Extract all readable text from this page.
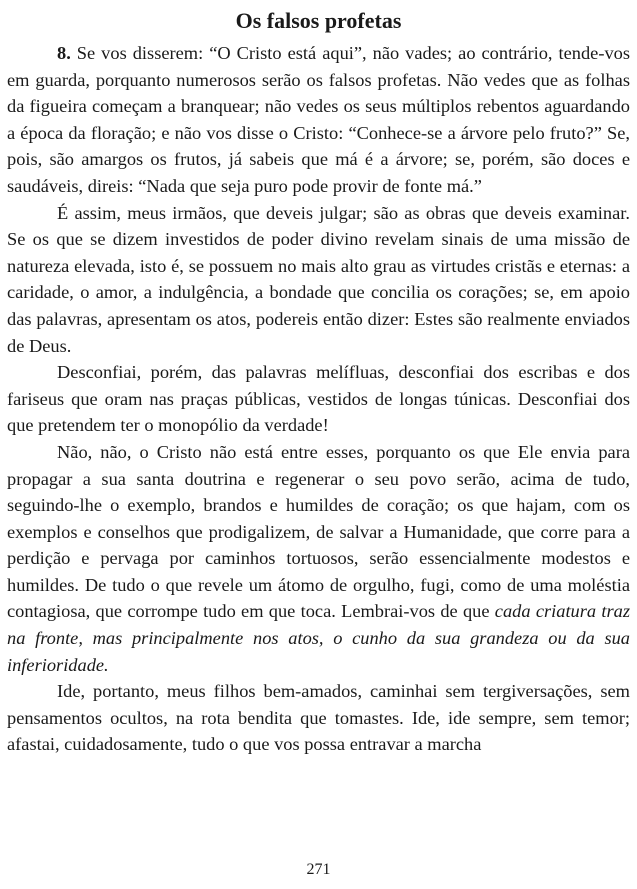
Os falsos profetas

8. Se vos disserem: “O Cristo está aqui”, não vades; ao contrário, tende-vos em guarda, porquanto numerosos serão os falsos profetas. Não vedes que as folhas da figueira começam a branquear; não vedes os seus múltiplos rebentos aguardando a época da floração; e não vos disse o Cristo: “Conhece-se a árvore pelo fruto?” Se, pois, são amargos os frutos, já sabeis que má é a árvore; se, porém, são doces e saudáveis, direis: “Nada que seja puro pode provir de fonte má.”

É assim, meus irmãos, que deveis julgar; são as obras que deveis examinar. Se os que se dizem investidos de poder divino revelam sinais de uma missão de natureza elevada, isto é, se possuem no mais alto grau as virtudes cristãs e eternas: a caridade, o amor, a indulgência, a bondade que concilia os corações; se, em apoio das palavras, apresentam os atos, podereis então dizer: Estes são realmente enviados de Deus.

Desconfiai, porém, das palavras melífluas, desconfiai dos escribas e dos fariseus que oram nas praças públicas, vestidos de longas túnicas. Desconfiai dos que pretendem ter o monopólio da verdade!

Não, não, o Cristo não está entre esses, porquanto os que Ele envia para propagar a sua santa doutrina e regenerar o seu povo serão, acima de tudo, seguindo-lhe o exemplo, brandos e humildes de coração; os que hajam, com os exemplos e conselhos que prodigalizem, de salvar a Humanidade, que corre para a perdição e pervaga por caminhos tortuosos, serão essencialmente modestos e humildes. De tudo o que revele um átomo de orgulho, fugi, como de uma moléstia contagiosa, que corrompe tudo em que toca. Lembrai-vos de que cada criatura traz na fronte, mas principalmente nos atos, o cunho da sua grandeza ou da sua inferioridade.

Ide, portanto, meus filhos bem-amados, caminhai sem tergiversações, sem pensamentos ocultos, na rota bendita que tomastes. Ide, ide sempre, sem temor; afastai, cuidadosamente, tudo o que vos possa entravar a marcha

271
